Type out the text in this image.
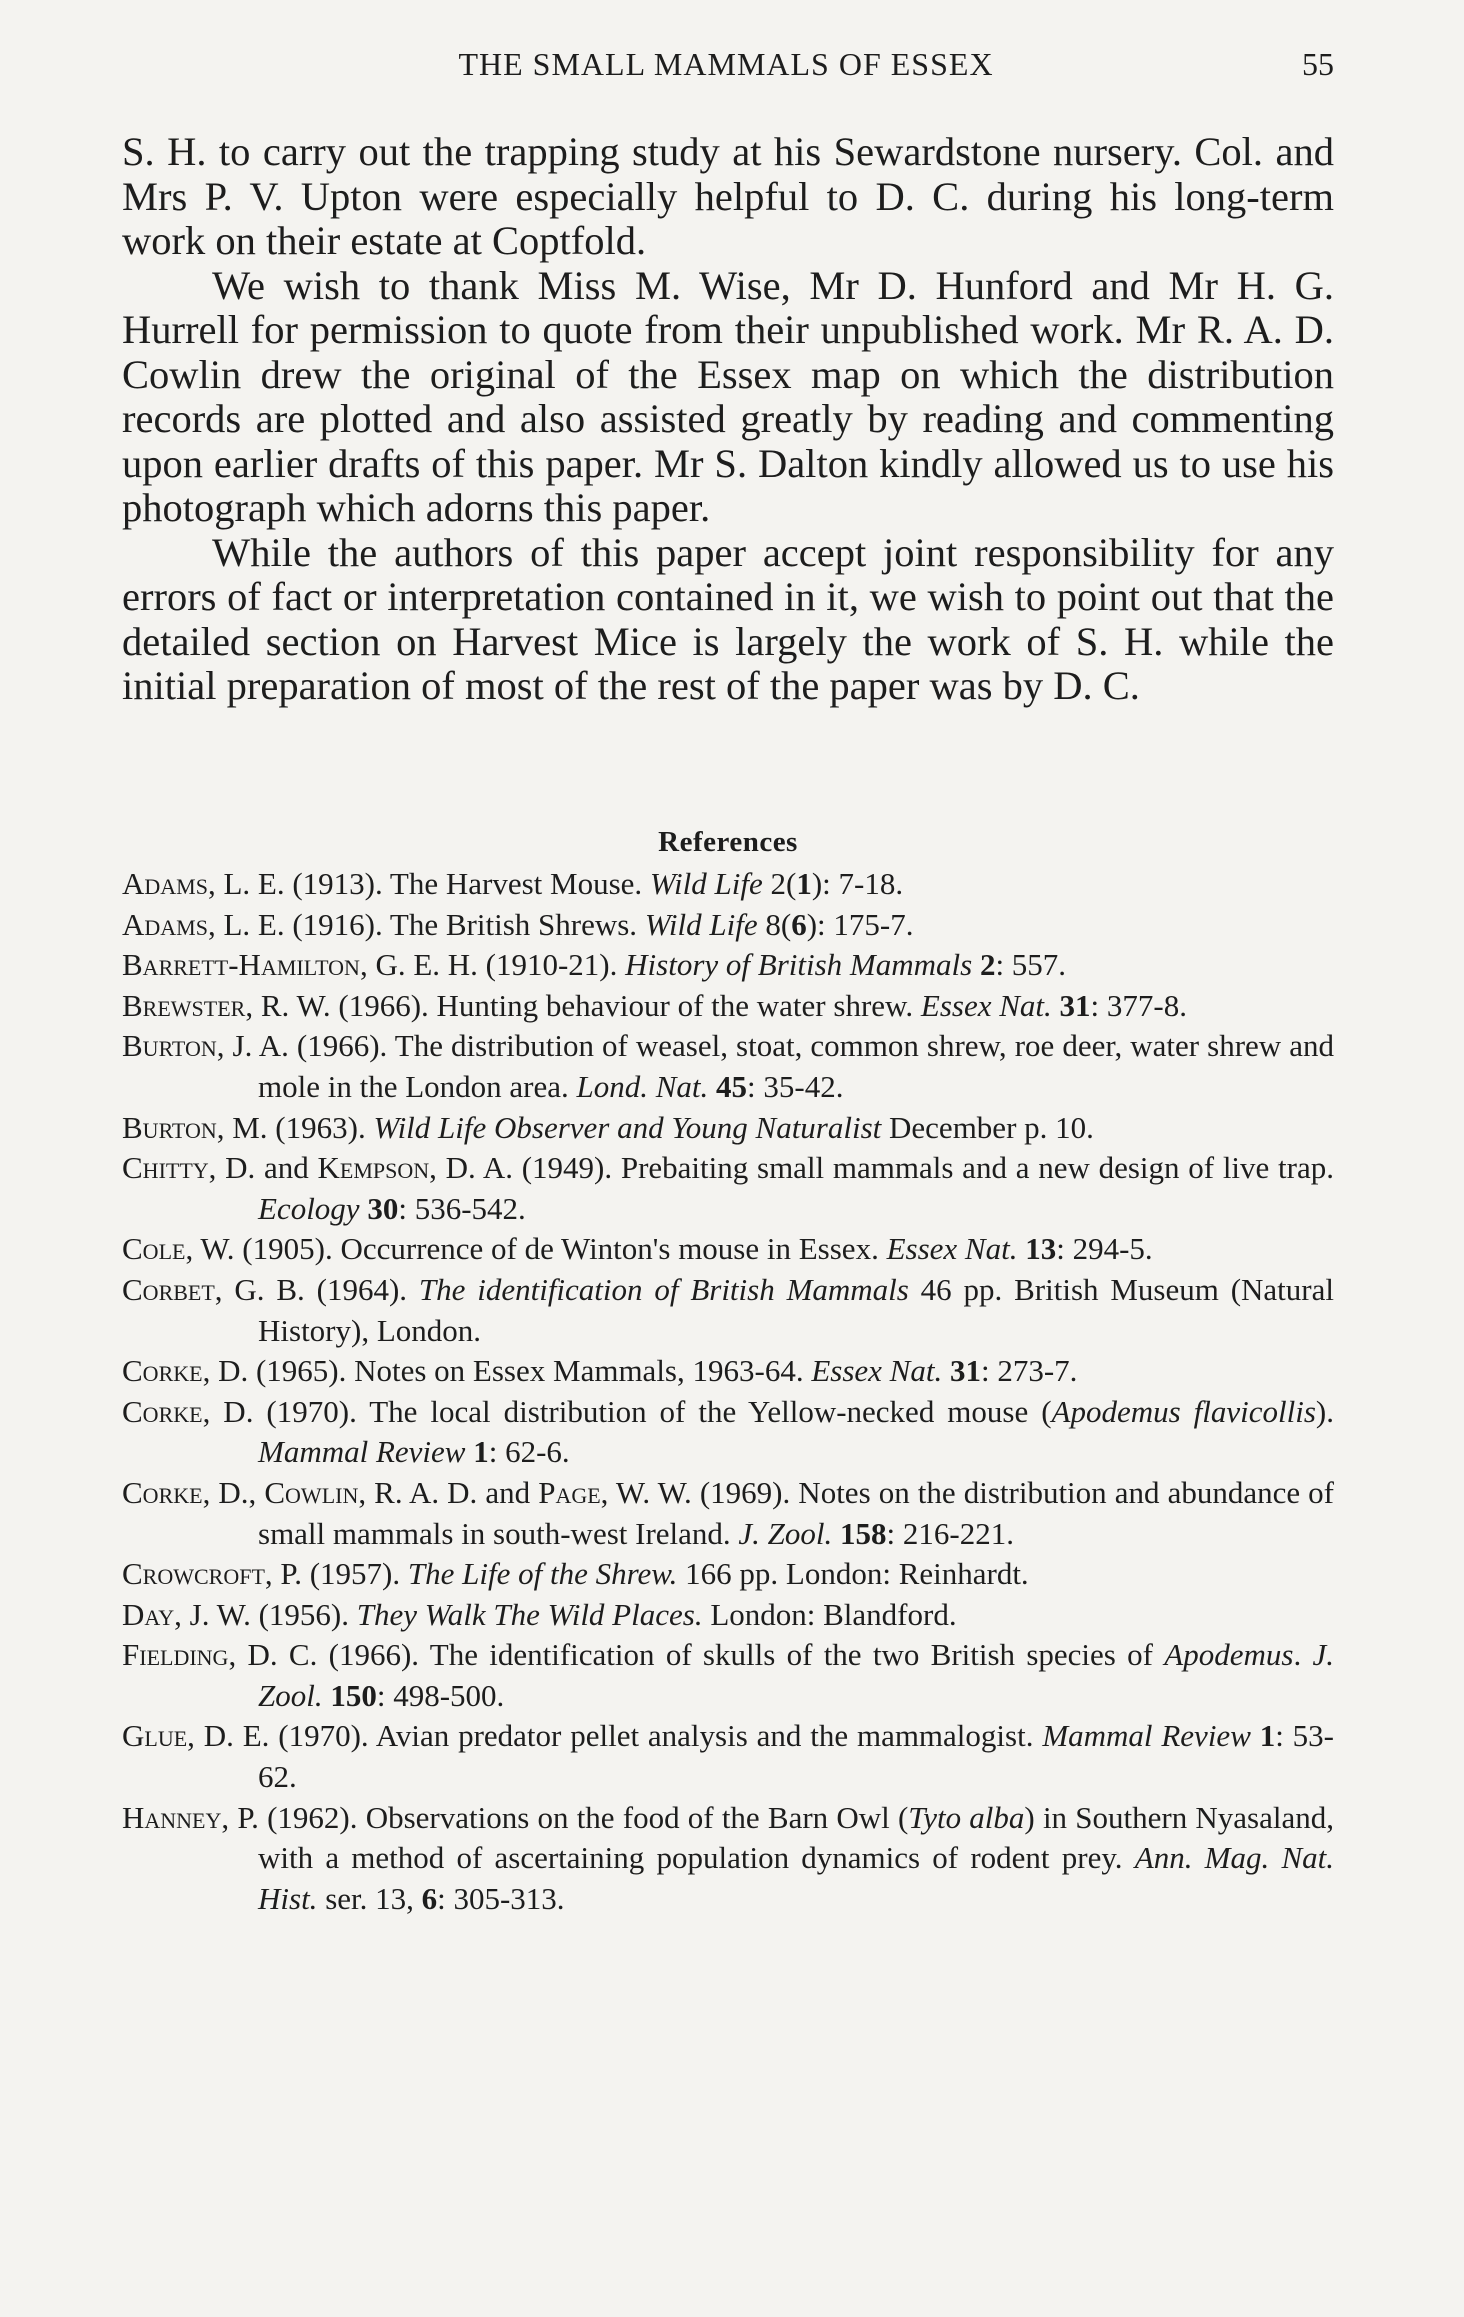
THE SMALL MAMMALS OF ESSEX	55

S. H. to carry out the trapping study at his Sewardstone nursery. Col. and Mrs P. V. Upton were especially helpful to D. C. during his long-term work on their estate at Coptfold.

We wish to thank Miss M. Wise, Mr D. Hunford and Mr H. G. Hurrell for permission to quote from their unpublished work. Mr R. A. D. Cowlin drew the original of the Essex map on which the distribution records are plotted and also assisted greatly by reading and commenting upon earlier drafts of this paper. Mr S. Dalton kindly allowed us to use his photograph which adorns this paper.

While the authors of this paper accept joint responsibility for any errors of fact or interpretation contained in it, we wish to point out that the detailed section on Harvest Mice is largely the work of S. H. while the initial preparation of most of the rest of the paper was by D. C.

References
Adams, L. E. (1913). The Harvest Mouse. Wild Life 2(1): 7-18.
Adams, L. E. (1916). The British Shrews. Wild Life 8(6): 175-7.
Barrett-Hamilton, G. E. H. (1910-21). History of British Mammals 2: 557.
Brewster, R. W. (1966). Hunting behaviour of the water shrew. Essex Nat. 31: 377-8.
Burton, J. A. (1966). The distribution of weasel, stoat, common shrew, roe deer, water shrew and mole in the London area. Lond. Nat. 45: 35-42.
Burton, M. (1963). Wild Life Observer and Young Naturalist December p. 10.
Chitty, D. and Kempson, D. A. (1949). Prebaiting small mammals and a new design of live trap. Ecology 30: 536-542.
Cole, W. (1905). Occurrence of de Winton's mouse in Essex. Essex Nat. 13: 294-5.
Corbet, G. B. (1964). The identification of British Mammals 46 pp. British Museum (Natural History), London.
Corke, D. (1965). Notes on Essex Mammals, 1963-64. Essex Nat. 31: 273-7.
Corke, D. (1970). The local distribution of the Yellow-necked mouse (Apodemus flavicollis). Mammal Review 1: 62-6.
Corke, D., Cowlin, R. A. D. and Page, W. W. (1969). Notes on the distribution and abundance of small mammals in south-west Ireland. J. Zool. 158: 216-221.
Crowcroft, P. (1957). The Life of the Shrew. 166 pp. London: Reinhardt.
Day, J. W. (1956). They Walk The Wild Places. London: Blandford.
Fielding, D. C. (1966). The identification of skulls of the two British species of Apodemus. J. Zool. 150: 498-500.
Glue, D. E. (1970). Avian predator pellet analysis and the mammalogist. Mammal Review 1: 53-62.
Hanney, P. (1962). Observations on the food of the Barn Owl (Tyto alba) in Southern Nyasaland, with a method of ascertaining population dynamics of rodent prey. Ann. Mag. Nat. Hist. ser. 13, 6: 305-313.
